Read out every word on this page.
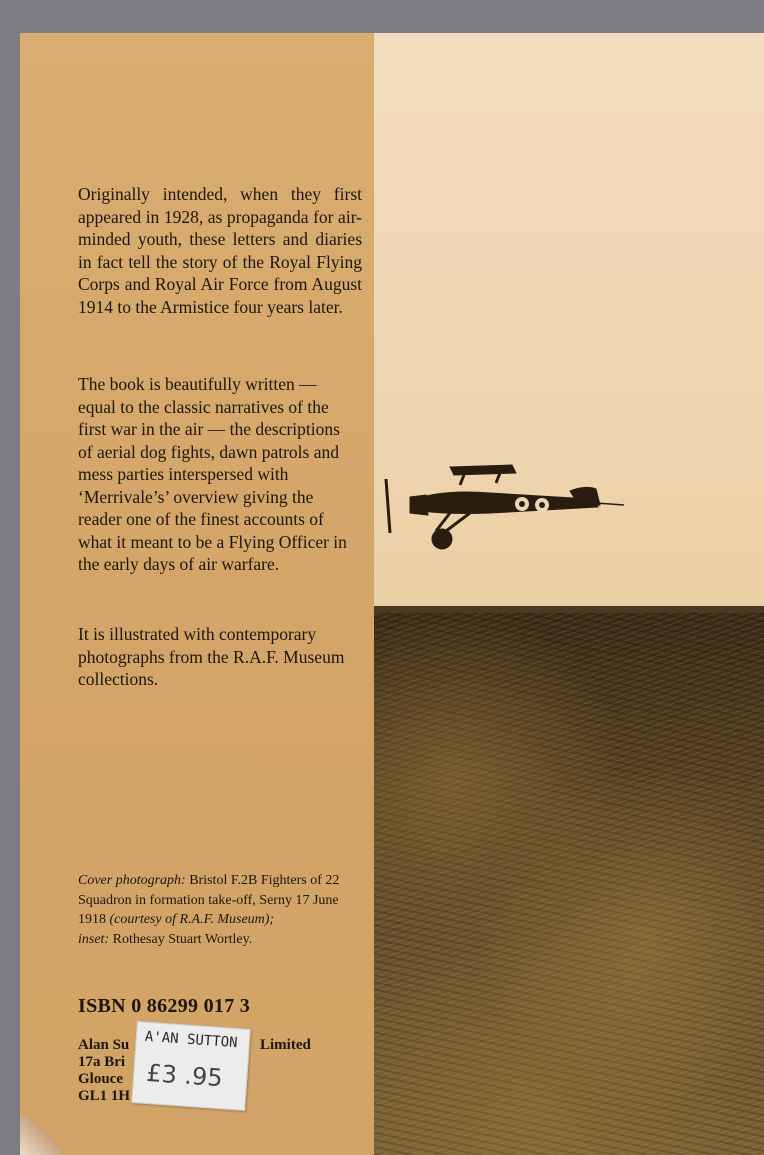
Originally intended, when they first appeared in 1928, as propaganda for air-minded youth, these letters and diaries in fact tell the story of the Royal Flying Corps and Royal Air Force from August 1914 to the Armistice four years later.

The book is beautifully written — equal to the classic narratives of the first war in the air — the descriptions of aerial dog fights, dawn patrols and mess parties interspersed with ‘Merrivale’s’ overview giving the reader one of the finest accounts of what it meant to be a Flying Officer in the early days of air warfare.

It is illustrated with contemporary photographs from the R.A.F. Museum collections.

Cover photograph: Bristol F.2B Fighters of 22 Squadron in formation take-off, Serny 17 June 1918 (courtesy of R.A.F. Museum);
inset: Rothesay Stuart Wortley.
ISBN 0 86299 017 3
Alan Su	Limited
17a Bri
Glouce
GL1 1H
A'AN SUTTON
£3 .95
